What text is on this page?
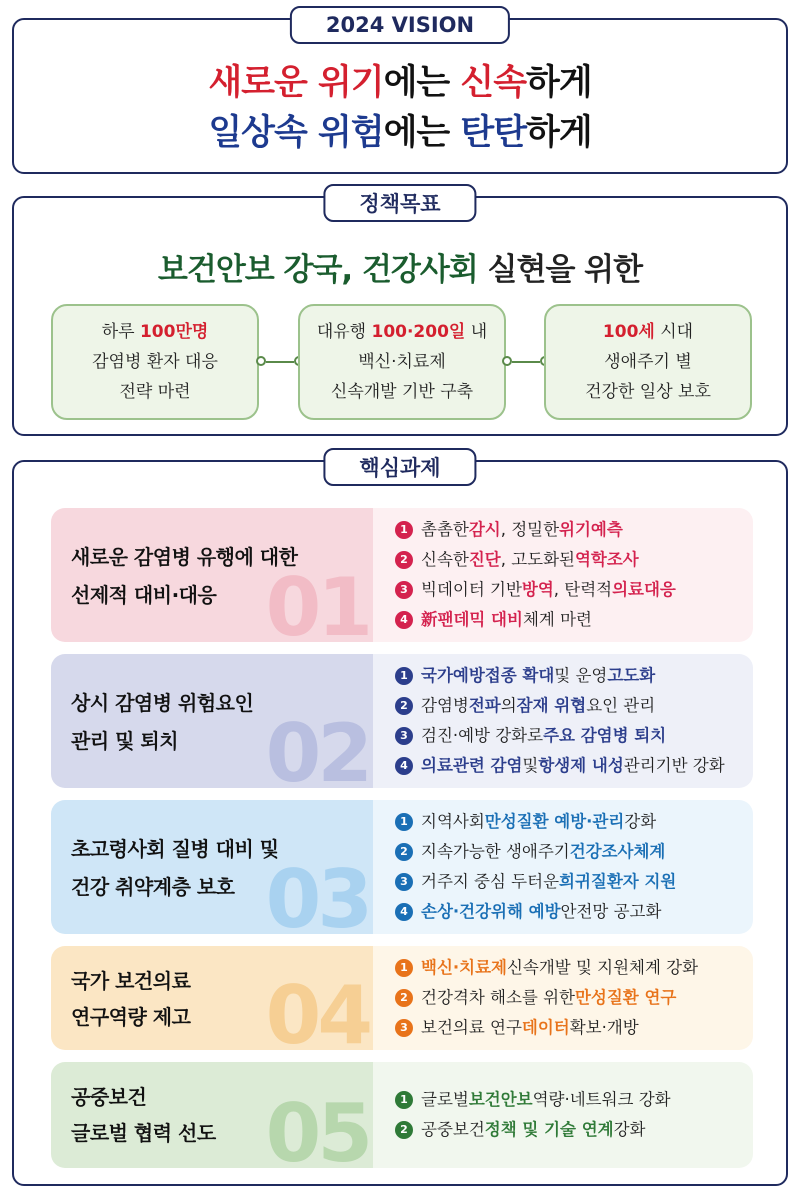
2024 VISION
새로운 위기에는 신속하게
일상속 위험에는 탄탄하게
정책목표
보건안보 강국, 건강사회 실현을 위한
하루 100만명
감염병 환자 대응
전략 마련
대유행 100·200일 내
백신·치료제
신속개발 기반 구축
100세 시대
생애주기 별
건강한 일상 보호
핵심과제
01
새로운 감염병 유행에 대한
선제적 대비·대응
1 촘촘한 감시 , 정밀한 위기예측
2 신속한 진단 , 고도화된 역학조사
3 빅데이터 기반 방역 , 탄력적 의료대응
4 新팬데믹 대비 체계 마련
02
상시 감염병 위험요인
관리 및 퇴치
1 국가예방접종 확대 및 운영 고도화
2 감염병 전파 의 잠재 위협 요인 관리
3 검진·예방 강화로 주요 감염병 퇴치
4 의료관련 감염 및 항생제 내성 관리기반 강화
03
초고령사회 질병 대비 및
건강 취약계층 보호
1 지역사회 만성질환 예방·관리 강화
2 지속가능한 생애주기 건강조사체계
3 거주지 중심 두터운 희귀질환자 지원
4 손상·건강위해 예방 안전망 공고화
04
국가 보건의료
연구역량 제고
1 백신·치료제 신속개발 및 지원체계 강화
2 건강격차 해소를 위한 만성질환 연구
3 보건의료 연구 데이터 확보·개방
05
공중보건
글로벌 협력 선도
1 글로벌 보건안보 역량·네트워크 강화
2 공중보건 정책 및 기술 연계 강화
